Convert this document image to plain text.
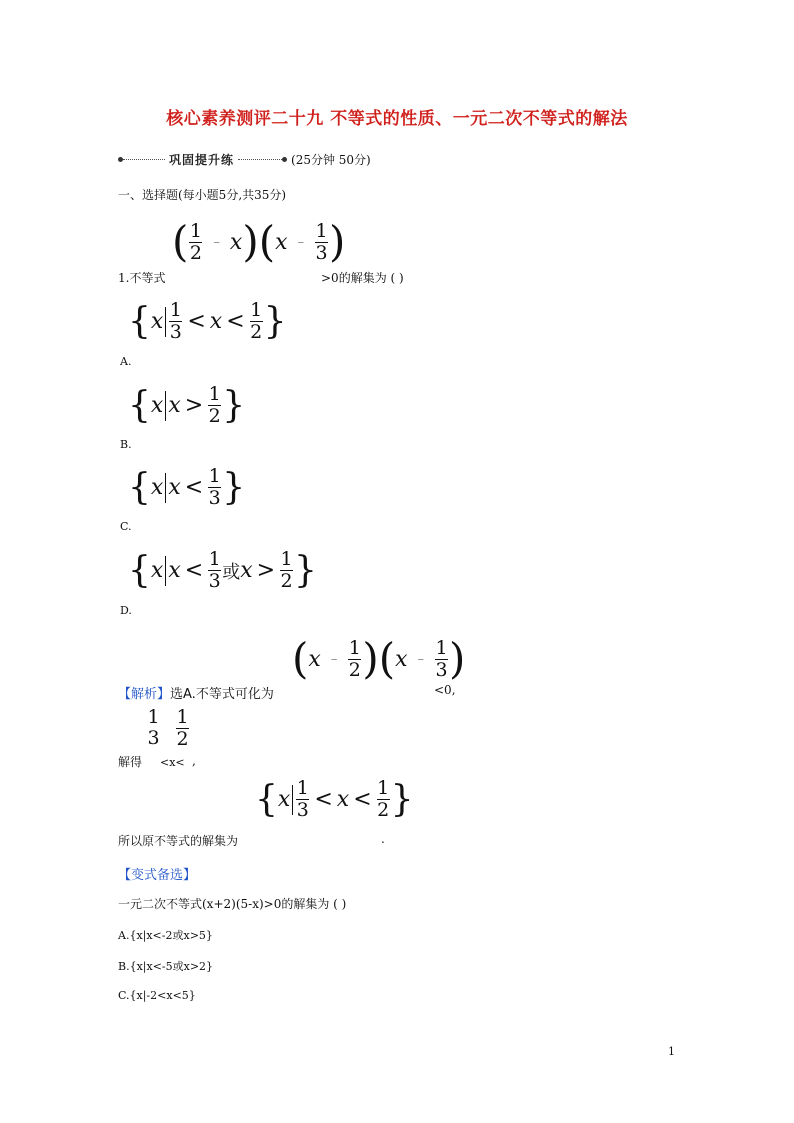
核心素养测评二十九 不等式的性质、一元二次不等式的解法
巩固提升练	(25分钟 50分)
一、选择题(每小题5分,共35分)
( $\frac{1}{2}$ – x ) ( x – $\frac{1}{3}$ )
1.不等式	>0的解集为 ( )
{ x $\frac{1}{3} < x < \frac{1}{2}$ }
A.
{ x $x > \frac{1}{2}$ }
B.
{ x $x < \frac{1}{3}$ }
C.
{ x $x < \frac{1}{3}$ 或 $x > \frac{1}{2}$ }
D.
( x – $\frac{1}{2}$ ) ( x – $\frac{1}{3}$ )
【解析】选A.不等式可化为	<0,
1
$3 \frac{1}{2}$
解得 <x< ,
{ x $\frac{1}{3} < x < \frac{1}{2}$ }
所以原不等式的解集为	.
【变式备选】
一元二次不等式(x+2)(5-x)>0的解集为 ( )
A.{x|x<-2或x>5}
B.{x|x<-5或x>2}
C.{x|-2<x<5}
1
